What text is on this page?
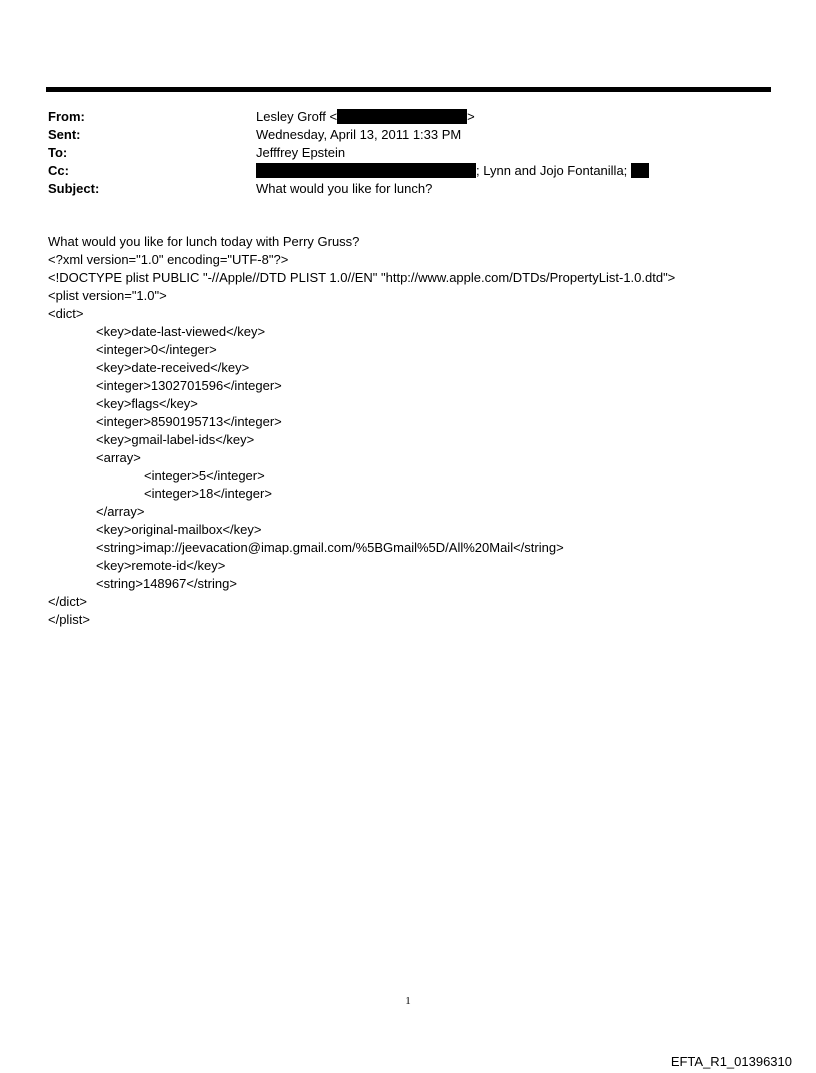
From:	Lesley Groff <	>
Sent:	Wednesday, April 13, 2011 1:33 PM
To:	Jefffrey Epstein
Cc:	; Lynn and Jojo Fontanilla;
Subject:	What would you like for lunch?
What would you like for lunch today with Perry Gruss?
<?xml version="1.0" encoding="UTF-8"?>
<!DOCTYPE plist PUBLIC "-//Apple//DTD PLIST 1.0//EN" "http://www.apple.com/DTDs/PropertyList-1.0.dtd">
<plist version="1.0">
<dict>
<key>date-last-viewed</key>
<integer>0</integer>
<key>date-received</key>
<integer>1302701596</integer>
<key>flags</key>
<integer>8590195713</integer>
<key>gmail-label-ids</key>
<array>
<integer>5</integer>
<integer>18</integer>
</array>
<key>original-mailbox</key>
<string>imap://jeevacation@imap.gmail.com/%5BGmail%5D/All%20Mail</string>
<key>remote-id</key>
<string>148967</string>
</dict>
</plist>
1
EFTA_R1_01396310
